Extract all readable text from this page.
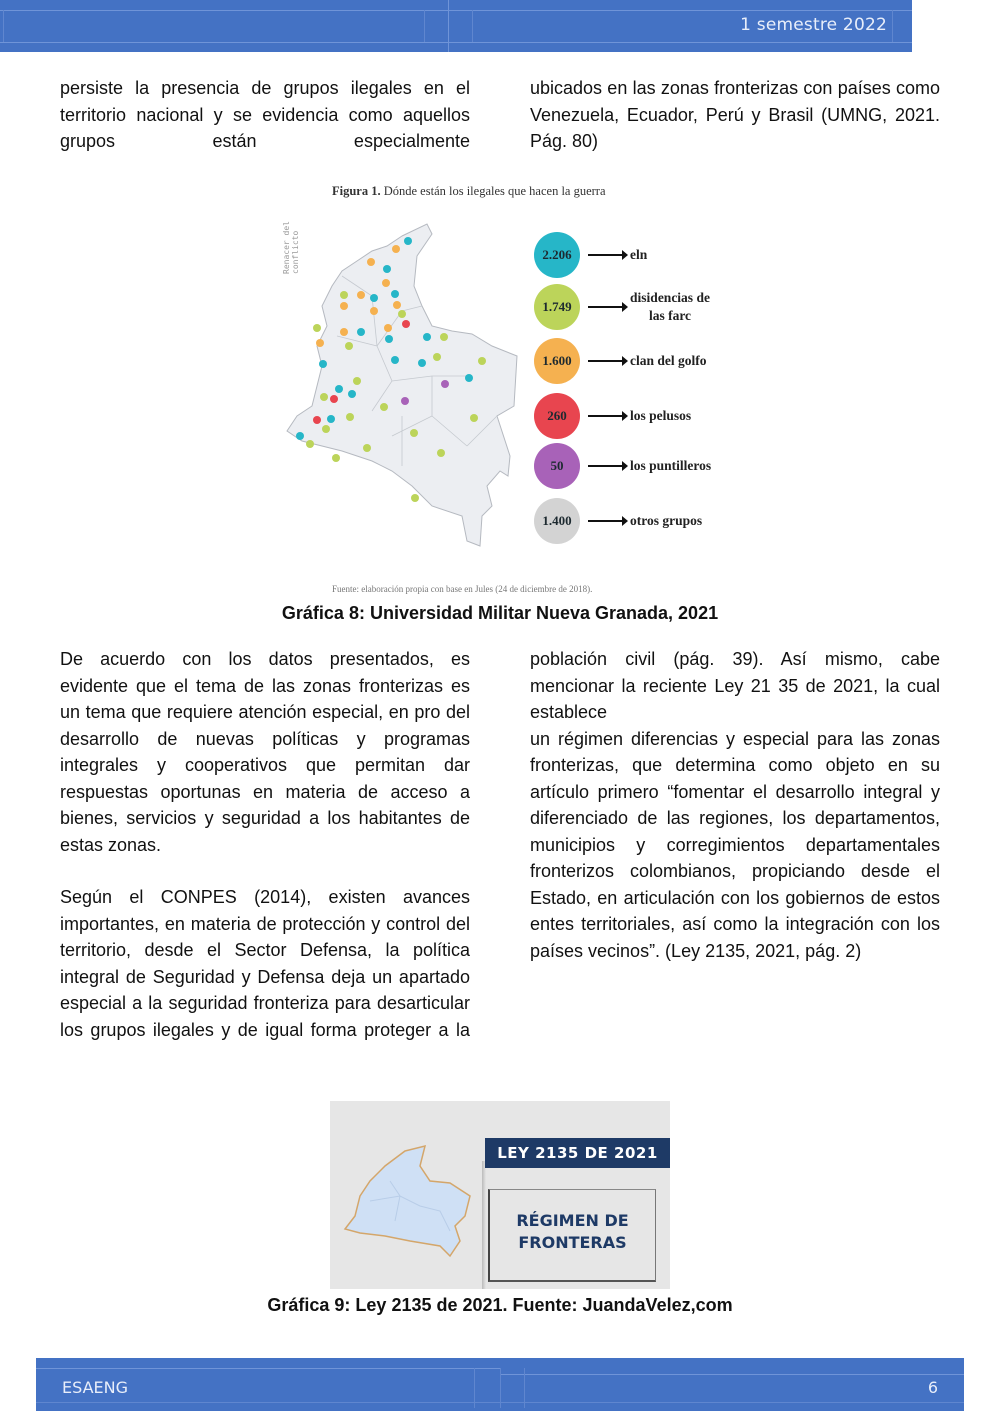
1 semestre 2022

persiste la presencia de grupos ilegales en el territorio nacional y se evidencia como aquellos grupos están especialmente

ubicados en las zonas fronterizas con países como Venezuela, Ecuador, Perú y Brasil (UMNG, 2021. Pág. 80)

Renacer del conflicto
Figura 1. Dónde están los ilegales que hacen la guerra
2.206	eln
1.749
disidencias de las farc
1.600	clan del golfo
260	los pelusos
50	los puntilleros
1.400	otros grupos
Fuente: elaboración propia con base en Jules (24 de diciembre de 2018).
Gráfica 8: Universidad Militar Nueva Granada, 2021

De acuerdo con los datos presentados, es evidente que el tema de las zonas fronterizas es un tema que requiere atención especial, en pro del desarrollo de nuevas políticas y programas integrales y cooperativos que permitan dar respuestas oportunas en materia de acceso a bienes, servicios y seguridad a los habitantes de estas zonas.

Según el CONPES (2014), existen avances importantes, en materia de protección y control del territorio, desde el Sector Defensa, la política integral de Seguridad y Defensa deja un apartado especial a la seguridad fronteriza para desarticular los grupos ilegales y de igual forma proteger a la

población civil (pág. 39). Así mismo, cabe mencionar la reciente Ley 21 35 de 2021, la cual establece

un régimen diferencias y especial para las zonas fronterizas, que determina como objeto en su artículo primero “fomentar el desarrollo integral y diferenciado de las regiones, los departamentos, municipios y corregimientos departamentales fronterizos colombianos, propiciando desde el Estado, en articulación con los gobiernos de estos entes territoriales, así como la integración con los países vecinos”. (Ley 2135, 2021, pág. 2)

LEY 2135 DE 2021
RÉGIMEN DE
FRONTERAS
Gráfica 9: Ley 2135 de 2021. Fuente: JuandaVelez,com
ESAENG	6
